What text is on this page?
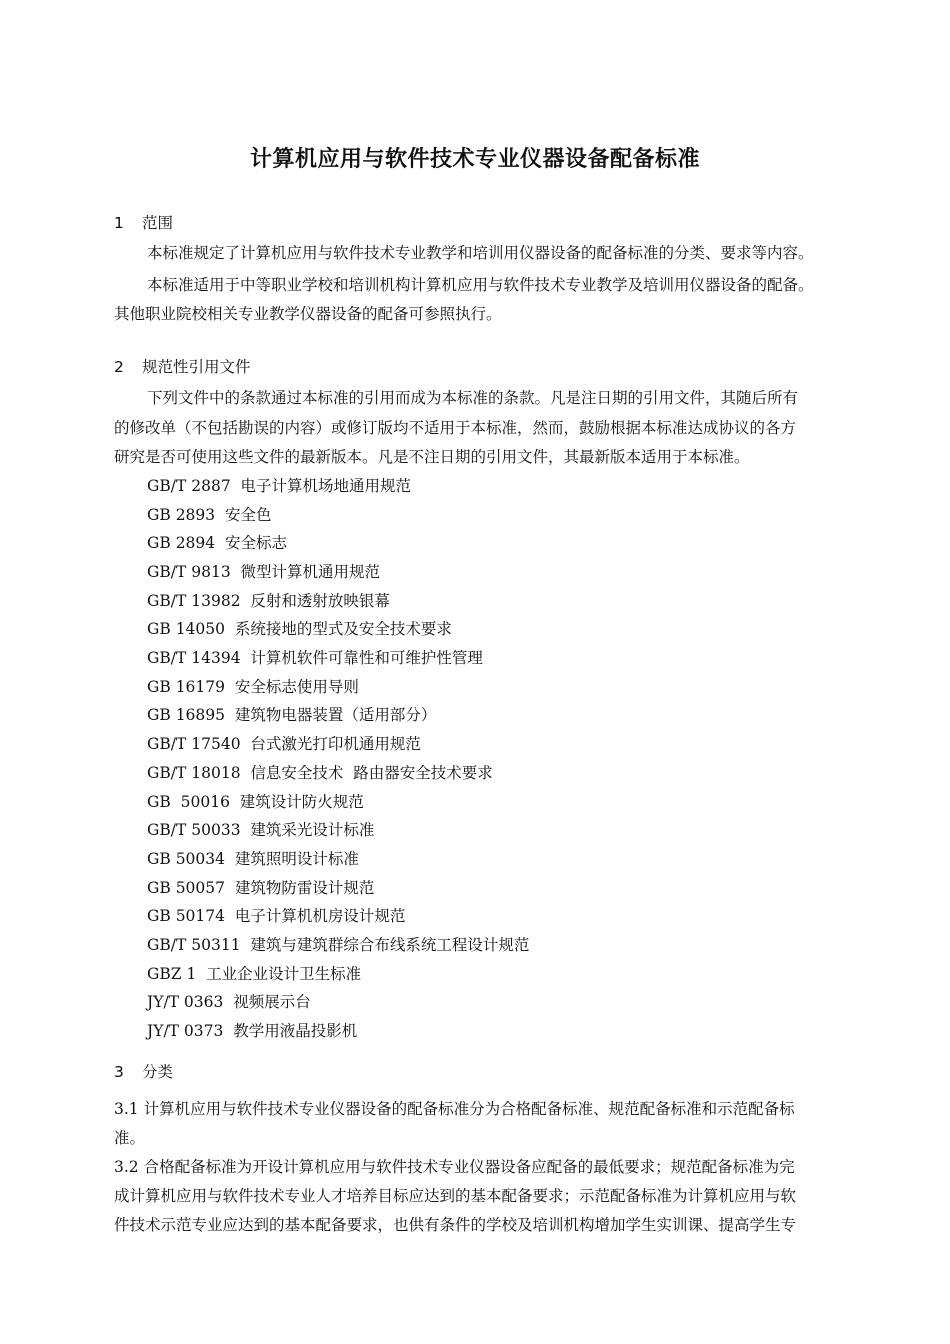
计算机应用与软件技术专业仪器设备配备标准
1 范围
本标准规定了计算机应用与软件技术专业教学和培训用仪器设备的配备标准的分类、要求等内容。
本标准适用于中等职业学校和培训机构计算机应用与软件技术专业教学及培训用仪器设备的配备。
其他职业院校相关专业教学仪器设备的配备可参照执行。
2 规范性引用文件
下列文件中的条款通过本标准的引用而成为本标准的条款。凡是注日期的引用文件，其随后所有
的修改单（不包括勘误的内容）或修订版均不适用于本标准，然而，鼓励根据本标准达成协议的各方
研究是否可使用这些文件的最新版本。凡是不注日期的引用文件，其最新版本适用于本标准。
GB/T 2887  电子计算机场地通用规范
GB 2893  安全色
GB 2894  安全标志
GB/T 9813  微型计算机通用规范
GB/T 13982  反射和透射放映银幕
GB 14050  系统接地的型式及安全技术要求
GB/T 14394  计算机软件可靠性和可维护性管理
GB 16179  安全标志使用导则
GB 16895  建筑物电器装置（适用部分）
GB/T 17540  台式激光打印机通用规范
GB/T 18018  信息安全技术  路由器安全技术要求
GB  50016  建筑设计防火规范
GB/T 50033  建筑采光设计标准
GB 50034  建筑照明设计标准
GB 50057  建筑物防雷设计规范
GB 50174  电子计算机机房设计规范
GB/T 50311  建筑与建筑群综合布线系统工程设计规范
GBZ 1  工业企业设计卫生标准
JY/T 0363  视频展示台
JY/T 0373  教学用液晶投影机
3 分类
3.1 计算机应用与软件技术专业仪器设备的配备标准分为合格配备标准、规范配备标准和示范配备标
准。
3.2 合格配备标准为开设计算机应用与软件技术专业仪器设备应配备的最低要求；规范配备标准为完
成计算机应用与软件技术专业人才培养目标应达到的基本配备要求；示范配备标准为计算机应用与软
件技术示范专业应达到的基本配备要求，也供有条件的学校及培训机构增加学生实训课、提高学生专
